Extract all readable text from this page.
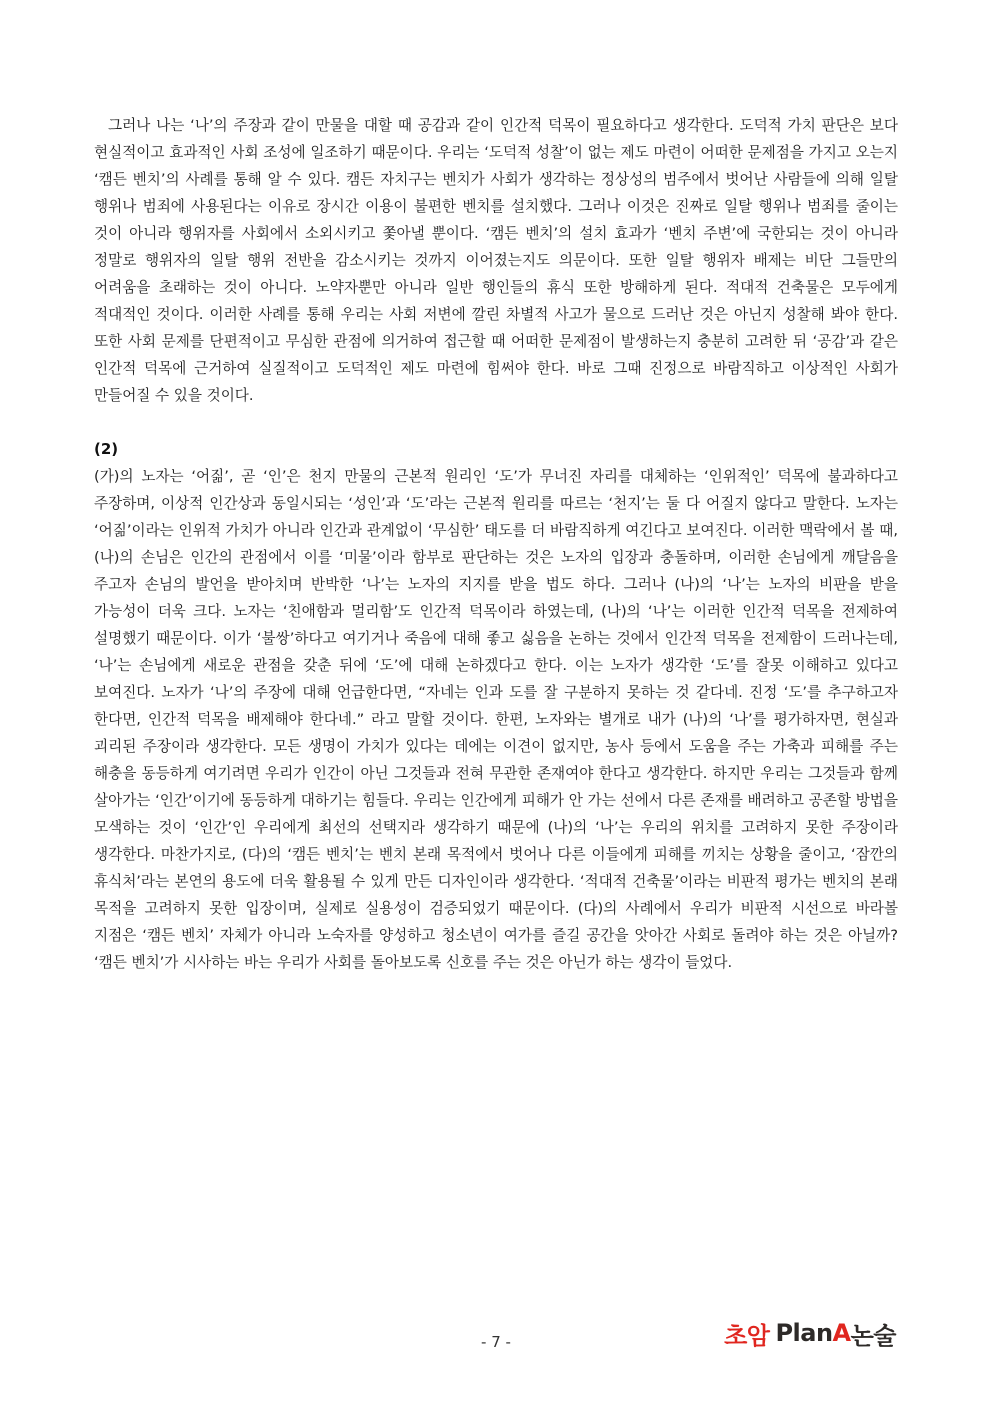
그러나 나는 ‘나’의 주장과 같이 만물을 대할 때 공감과 같이 인간적 덕목이 필요하다고 생각한다. 도덕적 가치 판단은 보다 현실적이고 효과적인 사회 조성에 일조하기 때문이다. 우리는 ‘도덕적 성찰’이 없는 제도 마련이 어떠한 문제점을 가지고 오는지 ‘캠든 벤치’의 사례를 통해 알 수 있다. 캠든 자치구는 벤치가 사회가 생각하는 정상성의 범주에서 벗어난 사람들에 의해 일탈 행위나 범죄에 사용된다는 이유로 장시간 이용이 불편한 벤치를 설치했다. 그러나 이것은 진짜로 일탈 행위나 범죄를 줄이는 것이 아니라 행위자를 사회에서 소외시키고 쫓아낼 뿐이다. ‘캠든 벤치’의 설치 효과가 ‘벤치 주변’에 국한되는 것이 아니라 정말로 행위자의 일탈 행위 전반을 감소시키는 것까지 이어졌는지도 의문이다. 또한 일탈 행위자 배제는 비단 그들만의 어려움을 초래하는 것이 아니다. 노약자뿐만 아니라 일반 행인들의 휴식 또한 방해하게 된다. 적대적 건축물은 모두에게 적대적인 것이다. 이러한 사례를 통해 우리는 사회 저변에 깔린 차별적 사고가 물으로 드러난 것은 아닌지 성찰해 봐야 한다. 또한 사회 문제를 단편적이고 무심한 관점에 의거하여 접근할 때 어떠한 문제점이 발생하는지 충분히 고려한 뒤 ‘공감’과 같은 인간적 덕목에 근거하여 실질적이고 도덕적인 제도 마련에 힘써야 한다. 바로 그때 진정으로 바람직하고 이상적인 사회가 만들어질 수 있을 것이다.

(2)

(가)의 노자는 ‘어짊’, 곧 ‘인’은 천지 만물의 근본적 원리인 ‘도’가 무너진 자리를 대체하는 ‘인위적인’ 덕목에 불과하다고 주장하며, 이상적 인간상과 동일시되는 ‘성인’과 ‘도’라는 근본적 원리를 따르는 ‘천지’는 둘 다 어질지 않다고 말한다. 노자는 ‘어짊’이라는 인위적 가치가 아니라 인간과 관계없이 ‘무심한’ 태도를 더 바람직하게 여긴다고 보여진다. 이러한 맥락에서 볼 때, (나)의 손님은 인간의 관점에서 이를 ‘미물’이라 함부로 판단하는 것은 노자의 입장과 충돌하며, 이러한 손님에게 깨달음을 주고자 손님의 발언을 받아치며 반박한 ‘나’는 노자의 지지를 받을 법도 하다. 그러나 (나)의 ‘나’는 노자의 비판을 받을 가능성이 더욱 크다. 노자는 ‘친애함과 멀리함’도 인간적 덕목이라 하였는데, (나)의 ‘나’는 이러한 인간적 덕목을 전제하여 설명했기 때문이다. 이가 ‘불쌍’하다고 여기거나 죽음에 대해 좋고 싫음을 논하는 것에서 인간적 덕목을 전제함이 드러나는데, ‘나’는 손님에게 새로운 관점을 갖춘 뒤에 ‘도’에 대해 논하겠다고 한다. 이는 노자가 생각한 ‘도’를 잘못 이해하고 있다고 보여진다. 노자가 ‘나’의 주장에 대해 언급한다면, “자네는 인과 도를 잘 구분하지 못하는 것 같다네. 진정 ‘도’를 추구하고자 한다면, 인간적 덕목을 배제해야 한다네.” 라고 말할 것이다. 한편, 노자와는 별개로 내가 (나)의 ‘나’를 평가하자면, 현실과 괴리된 주장이라 생각한다. 모든 생명이 가치가 있다는 데에는 이견이 없지만, 농사 등에서 도움을 주는 가축과 피해를 주는 해충을 동등하게 여기려면 우리가 인간이 아닌 그것들과 전혀 무관한 존재여야 한다고 생각한다. 하지만 우리는 그것들과 함께 살아가는 ‘인간’이기에 동등하게 대하기는 힘들다. 우리는 인간에게 피해가 안 가는 선에서 다른 존재를 배려하고 공존할 방법을 모색하는 것이 ‘인간’인 우리에게 최선의 선택지라 생각하기 때문에 (나)의 ‘나’는 우리의 위치를 고려하지 못한 주장이라 생각한다. 마찬가지로, (다)의 ‘캠든 벤치’는 벤치 본래 목적에서 벗어나 다른 이들에게 피해를 끼치는 상황을 줄이고, ‘잠깐의 휴식처’라는 본연의 용도에 더욱 활용될 수 있게 만든 디자인이라 생각한다. ‘적대적 건축물’이라는 비판적 평가는 벤치의 본래 목적을 고려하지 못한 입장이며, 실제로 실용성이 검증되었기 때문이다. (다)의 사례에서 우리가 비판적 시선으로 바라볼 지점은 ‘캠든 벤치’ 자체가 아니라 노숙자를 양성하고 청소년이 여가를 즐길 공간을 앗아간 사회로 돌려야 하는 것은 아닐까? ‘캠든 벤치’가 시사하는 바는 우리가 사회를 돌아보도록 신호를 주는 것은 아닌가 하는 생각이 들었다.

- 7 -	초암 Plan A 논술
